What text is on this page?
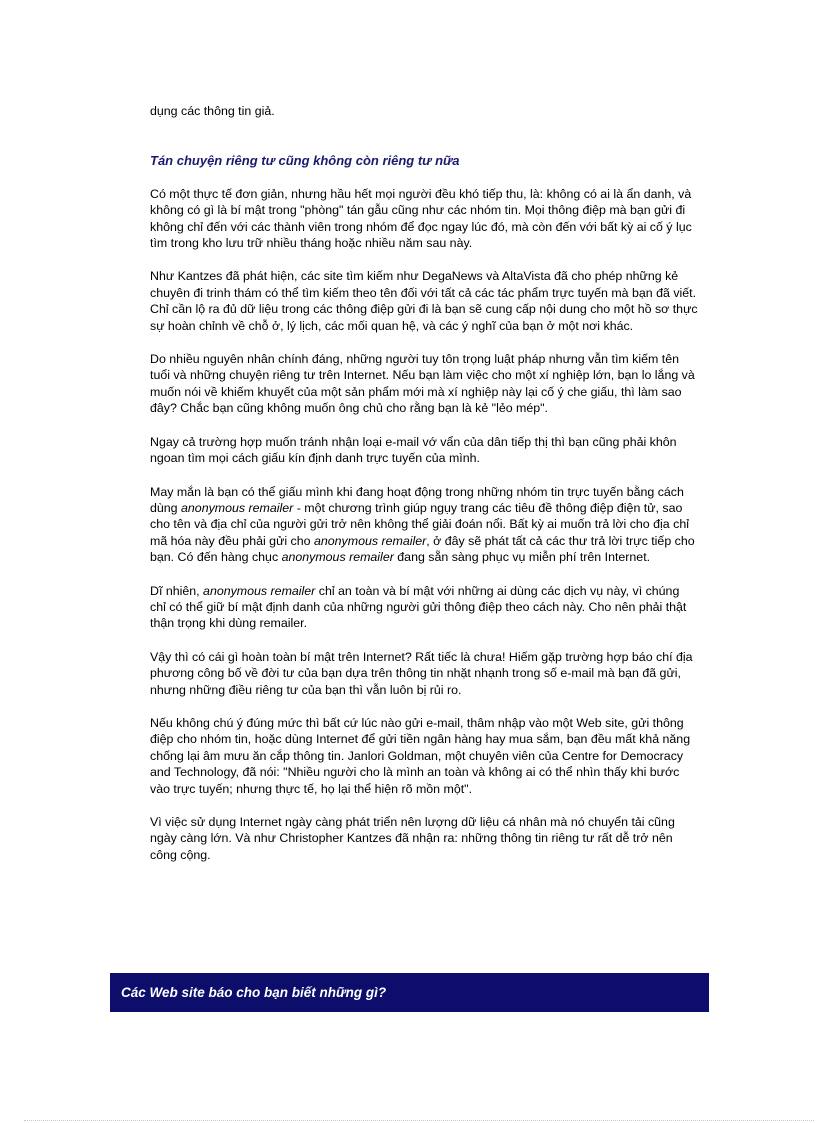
dụng các thông tin giả.

Tán chuyện riêng tư cũng không còn riêng tư nữa

Có một thực tế đơn giản, nhưng hầu hết mọi người đều khó tiếp thu, là: không có ai là ẩn danh, và không có gì là bí mật trong "phòng" tán gẫu cũng như các nhóm tin. Mọi thông điệp mà bạn gửi đi không chỉ đến với các thành viên trong nhóm để đọc ngay lúc đó, mà còn đến với bất kỳ ai cố ý lục tìm trong kho lưu trữ nhiều tháng hoặc nhiều năm sau này.

Như Kantzes đã phát hiện, các site tìm kiếm như DegaNews và AltaVista đã cho phép những kẻ chuyên đi trinh thám có thể tìm kiếm theo tên đối với tất cả các tác phẩm trực tuyến mà bạn đã viết. Chỉ cần lộ ra đủ dữ liệu trong các thông điệp gửi đi là bạn sẽ cung cấp nội dung cho một hồ sơ thực sự hoàn chỉnh về chỗ ở, lý lịch, các mối quan hệ, và các ý nghĩ của bạn ở một nơi khác.

Do nhiều nguyên nhân chính đáng, những người tuy tôn trọng luật pháp nhưng vẫn tìm kiếm tên tuổi và những chuyện riêng tư trên Internet. Nếu bạn làm việc cho một xí nghiệp lớn, bạn lo lắng và muốn nói về khiếm khuyết của một sản phẩm mới mà xí nghiệp này lại cố ý che giấu, thì làm sao đây? Chắc bạn cũng không muốn ông chủ cho rằng bạn là kẻ "lẻo mép".

Ngay cả trường hợp muốn tránh nhận loại e-mail vớ vẩn của dân tiếp thị thì bạn cũng phải khôn ngoan tìm mọi cách giấu kín định danh trực tuyến của mình.

May mắn là bạn có thể giấu mình khi đang hoạt động trong những nhóm tin trực tuyến bằng cách dùng anonymous remailer - một chương trình giúp ngụy trang các tiêu đề thông điệp điện tử, sao cho tên và địa chỉ của người gửi trở nên không thể giải đoán nổi. Bất kỳ ai muốn trả lời cho địa chỉ mã hóa này đều phải gửi cho anonymous remailer, ở đây sẽ phát tất cả các thư trả lời trực tiếp cho bạn. Có đến hàng chục anonymous remailer đang sẵn sàng phục vụ miễn phí trên Internet.

Dĩ nhiên, anonymous remailer chỉ an toàn và bí mật với những ai dùng các dịch vụ này, vì chúng chỉ có thể giữ bí mật định danh của những người gửi thông điệp theo cách này. Cho nên phải thật thận trọng khi dùng remailer.

Vậy thì có cái gì hoàn toàn bí mật trên Internet? Rất tiếc là chưa! Hiếm gặp trường hợp báo chí địa phương công bố về đời tư của bạn dựa trên thông tin nhặt nhạnh trong số e-mail mà bạn đã gửi, nhưng những điều riêng tư của bạn thì vẫn luôn bị rủi ro.

Nếu không chú ý đúng mức thì bất cứ lúc nào gửi e-mail, thâm nhập vào một Web site, gửi thông điệp cho nhóm tin, hoặc dùng Internet để gửi tiền ngân hàng hay mua sắm, bạn đều mất khả năng chống lại âm mưu ăn cắp thông tin. Janlori Goldman, một chuyên viên của Centre for Democracy and Technology, đã nói: "Nhiều người cho là mình an toàn và không ai có thể nhìn thấy khi bước vào trực tuyến; nhưng thực tế, họ lại thể hiện rõ mồn một".

Vì việc sử dụng Internet ngày càng phát triển nên lượng dữ liệu cá nhân mà nó chuyển tải cũng ngày càng lớn. Và như Christopher Kantzes đã nhận ra: những thông tin riêng tư rất dễ trở nên công cộng.

Các Web site báo cho bạn biết những gì?
